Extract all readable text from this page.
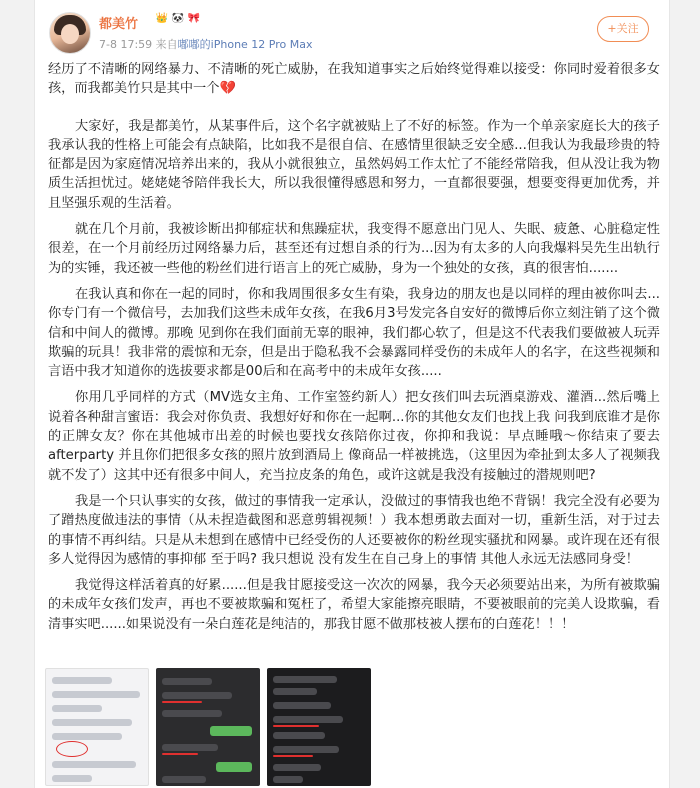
都美竹 👑 🐼 🎀
7-8 17:59 来自嘟嘟的iPhone 12 Pro Max
+关注

经历了不清晰的网络暴力、不清晰的死亡威胁，在我知道事实之后始终觉得难以接受：你同时爱着很多女孩，而我都美竹只是其中一个💔

大家好，我是都美竹，从某事件后，这个名字就被贴上了不好的标签。作为一个单亲家庭长大的孩子我承认我的性格上可能会有点缺陷，比如我不是很自信、在感情里很缺乏安全感...但我认为我最珍贵的特征都是因为家庭情况培养出来的，我从小就很独立，虽然妈妈工作太忙了不能经常陪我，但从没让我为物质生活担忧过。姥姥姥爷陪伴我长大，所以我很懂得感恩和努力，一直都很要强，想要变得更加优秀，并且坚强乐观的生活着。

就在几个月前，我被诊断出抑郁症状和焦躁症状，我变得不愿意出门见人、失眠、疲惫、心脏稳定性很差，在一个月前经历过网络暴力后，甚至还有过想自杀的行为...因为有太多的人向我爆料吴先生出轨行为的实锤，我还被一些他的粉丝们进行语言上的死亡威胁，身为一个独处的女孩，真的很害怕.......

在我认真和你在一起的同时，你和我周围很多女生有染，我身边的朋友也是以同样的理由被你叫去...你专门有一个微信号，去加我们这些未成年女孩，在我6月3号发完各自安好的微博后你立刻注销了这个微信和中间人的微博。那晚 见到你在我们面前无辜的眼神，我们都心软了，但是这不代表我们要做被人玩弄欺骗的玩具！我非常的震惊和无奈，但是出于隐私我不会暴露同样受伤的未成年人的名字，在这些视频和言语中我才知道你的选拔要求都是00后和在高考中的未成年女孩.....

你用几乎同样的方式（MV选女主角、工作室签约新人）把女孩们叫去玩酒桌游戏、灌酒...然后嘴上说着各种甜言蜜语：我会对你负责、我想好好和你在一起啊...你的其他女友们也找上我 问我到底谁才是你的正牌女友？你在其他城市出差的时候也要找女孩陪你过夜，你抑和我说：早点睡哦～你结束了要去 afterparty 并且你们把很多女孩的照片放到酒局上 像商品一样被挑选，（这里因为牵扯到太多人了视频我就不发了）这其中还有很多中间人，充当拉皮条的角色，或许这就是我没有接触过的潜规则吧?

我是一个只认事实的女孩，做过的事情我一定承认，没做过的事情我也绝不背锅！我完全没有必要为了蹭热度做违法的事情（从未捏造截图和恶意剪辑视频！）我本想勇敢去面对一切，重新生活，对于过去的事情不再纠结。只是从未想到在感情中已经受伤的人还要被你的粉丝现实骚扰和网暴。或许现在还有很多人觉得因为感情的事抑郁 至于吗? 我只想说 没有发生在自己身上的事情 其他人永远无法感同身受！

我觉得这样活着真的好累......但是我甘愿接受这一次次的网暴，我今天必须要站出来，为所有被欺骗的未成年女孩们发声，再也不要被欺骗和冤枉了，希望大家能擦亮眼睛，不要被眼前的完美人设欺骗，看清事实吧......如果说没有一朵白莲花是纯洁的，那我甘愿不做那枝被人摆布的白莲花！！！
